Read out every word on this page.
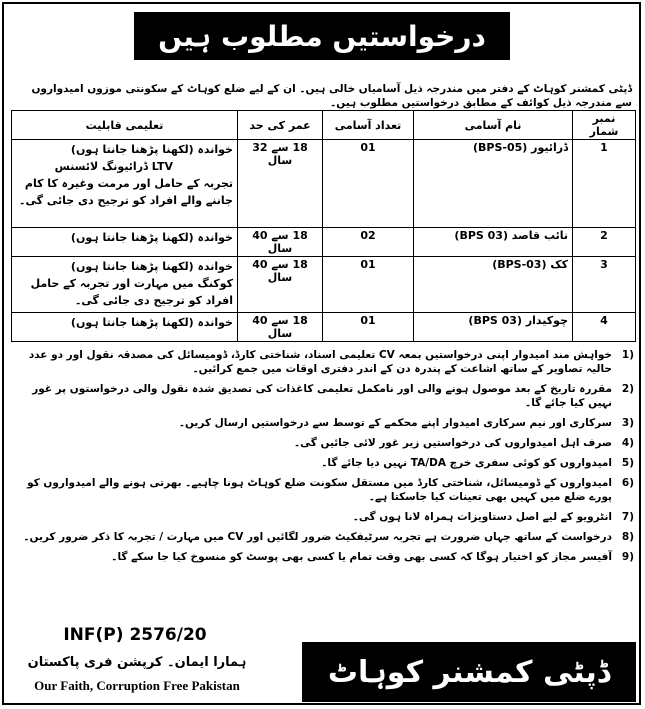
درخواستیں مطلوب ہیں
ڈپٹی کمشنر کوہاٹ کے دفتر میں مندرجہ ذیل آسامیاں خالی ہیں۔ ان کے لیے ضلع کوہاٹ کے سکونتی موزوں امیدواروں سے مندرجہ ذیل کوائف کے مطابق درخواستیں مطلوب ہیں۔
نمبر شمار	نام آسامی	تعداد آسامی	عمر کی حد	تعلیمی قابلیت
1	ڈرائیور (BPS-05)	01	18 سے 32 سال	خواندہ (لکھنا پڑھنا جانتا ہوں)
LTV ڈرائیونگ لائسنس
تجربہ کے حامل اور مرمت وغیرہ کا کام جاننے والے افراد کو ترجیح دی جائی گی۔

2	نائب قاصد (BPS 03)	02	18 سے 40 سال	خواندہ (لکھنا پڑھنا جانتا ہوں)

3	کک (BPS-03)	01	18 سے 40 سال	خواندہ (لکھنا پڑھنا جانتا ہوں)
کوکنگ میں مہارت اور تجربہ کے حامل افراد کو ترجیح دی جائی گی۔

4	چوکیدار (BPS 03)	01	18 سے 40 سال	خواندہ (لکھنا پڑھنا جانتا ہوں)
(1
خواہش مند امیدوار اپنی درخواستیں بمعہ CV تعلیمی اسناد، شناختی کارڈ، ڈومیسائل کی مصدقہ نقول اور دو عدد حالیہ تصاویر کے ساتھ اشاعت کے پندرہ دن کے اندر دفتری اوقات میں جمع کرائیں۔
(2
مقررہ تاریخ کے بعد موصول ہونے والی اور نامکمل تعلیمی کاغذات کی تصدیق شدہ نقول والی درخواستوں پر غور نہیں کیا جائے گا۔
(3
سرکاری اور نیم سرکاری امیدوار اپنے محکمے کے توسط سے درخواستیں ارسال کریں۔
(4
صرف اہل امیدواروں کی درخواستیں زیر غور لائی جائیں گی۔
(5
امیدواروں کو کوئی سفری خرچ TA/DA نہیں دیا جائے گا۔
(6
امیدواروں کے ڈومیسائل، شناختی کارڈ میں مستقل سکونت ضلع کوہاٹ ہونا چاہیے۔ بھرتی ہونے والے امیدواروں کو پورے ضلع میں کہیں بھی تعینات کیا جاسکتا ہے۔
(7
انٹرویو کے لیے اصل دستاویزات ہمراہ لانا ہوں گی۔
(8
درخواست کے ساتھ جہاں ضرورت ہے تجربہ سرٹیفکیٹ ضرور لگائیں اور CV میں مہارت / تجربہ کا ذکر ضرور کریں۔
(9
آفیسر مجاز کو اختیار ہوگا کہ کسی بھی وقت تمام یا کسی بھی پوسٹ کو منسوخ کیا جا سکے گا۔
INF(P) 2576/20
ہمارا ایمان۔ کرپشن فری پاکستان
Our Faith, Corruption Free Pakistan	ڈپٹی کمشنر کوہاٹ
